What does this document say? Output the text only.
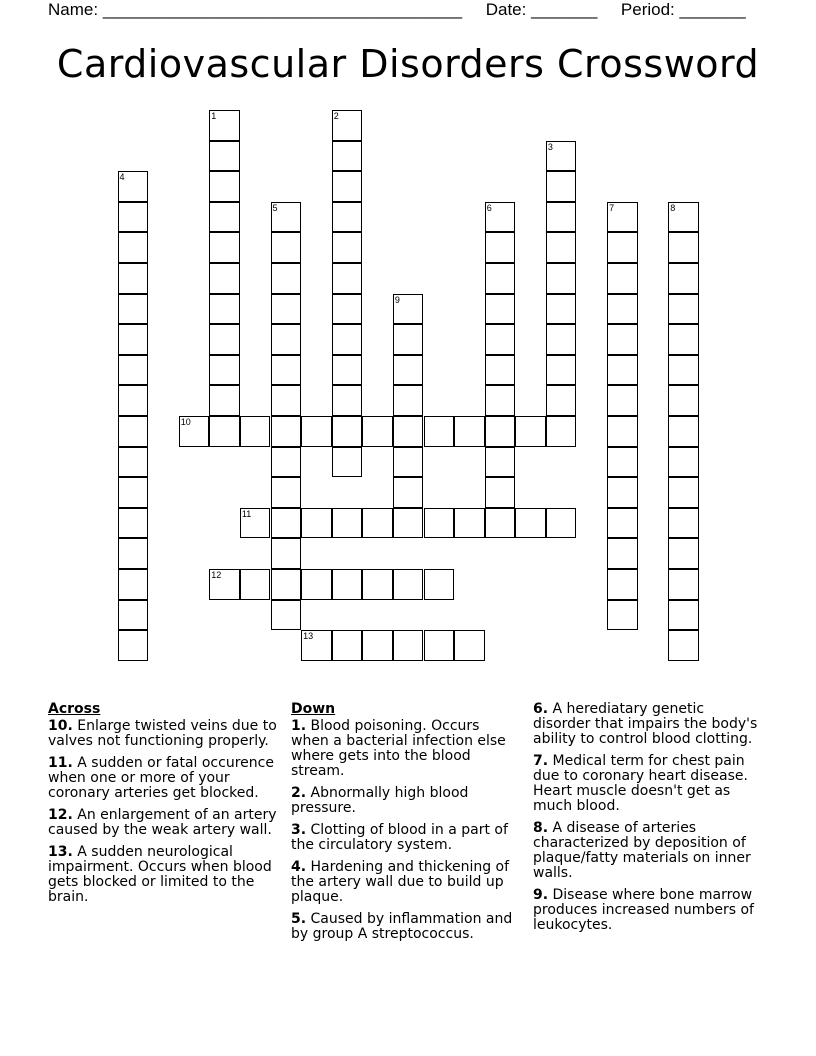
Name: ______________________________________ Date: _______ Period: _______
Cardiovascular Disorders Crossword
1	2
3
4
5	6	7	8
9
10
11
12
13
Across
10. Enlarge twisted veins due to valves not functioning properly.
11. A sudden or fatal occurence when one or more of your coronary arteries get blocked.
12. An enlargement of an artery caused by the weak artery wall.
13. A sudden neurological impairment. Occurs when blood gets blocked or limited to the brain.
Down
1. Blood poisoning. Occurs when a bacterial infection else where gets into the blood stream.
2. Abnormally high blood pressure.
3. Clotting of blood in a part of the circulatory system.
4. Hardening and thickening of the artery wall due to build up plaque.
5. Caused by inflammation and by group A streptococcus.
6. A herediatary genetic disorder that impairs the body's ability to control blood clotting.
7. Medical term for chest pain due to coronary heart disease. Heart muscle doesn't get as much blood.
8. A disease of arteries characterized by deposition of plaque/fatty materials on inner walls.
9. Disease where bone marrow produces increased numbers of leukocytes.
